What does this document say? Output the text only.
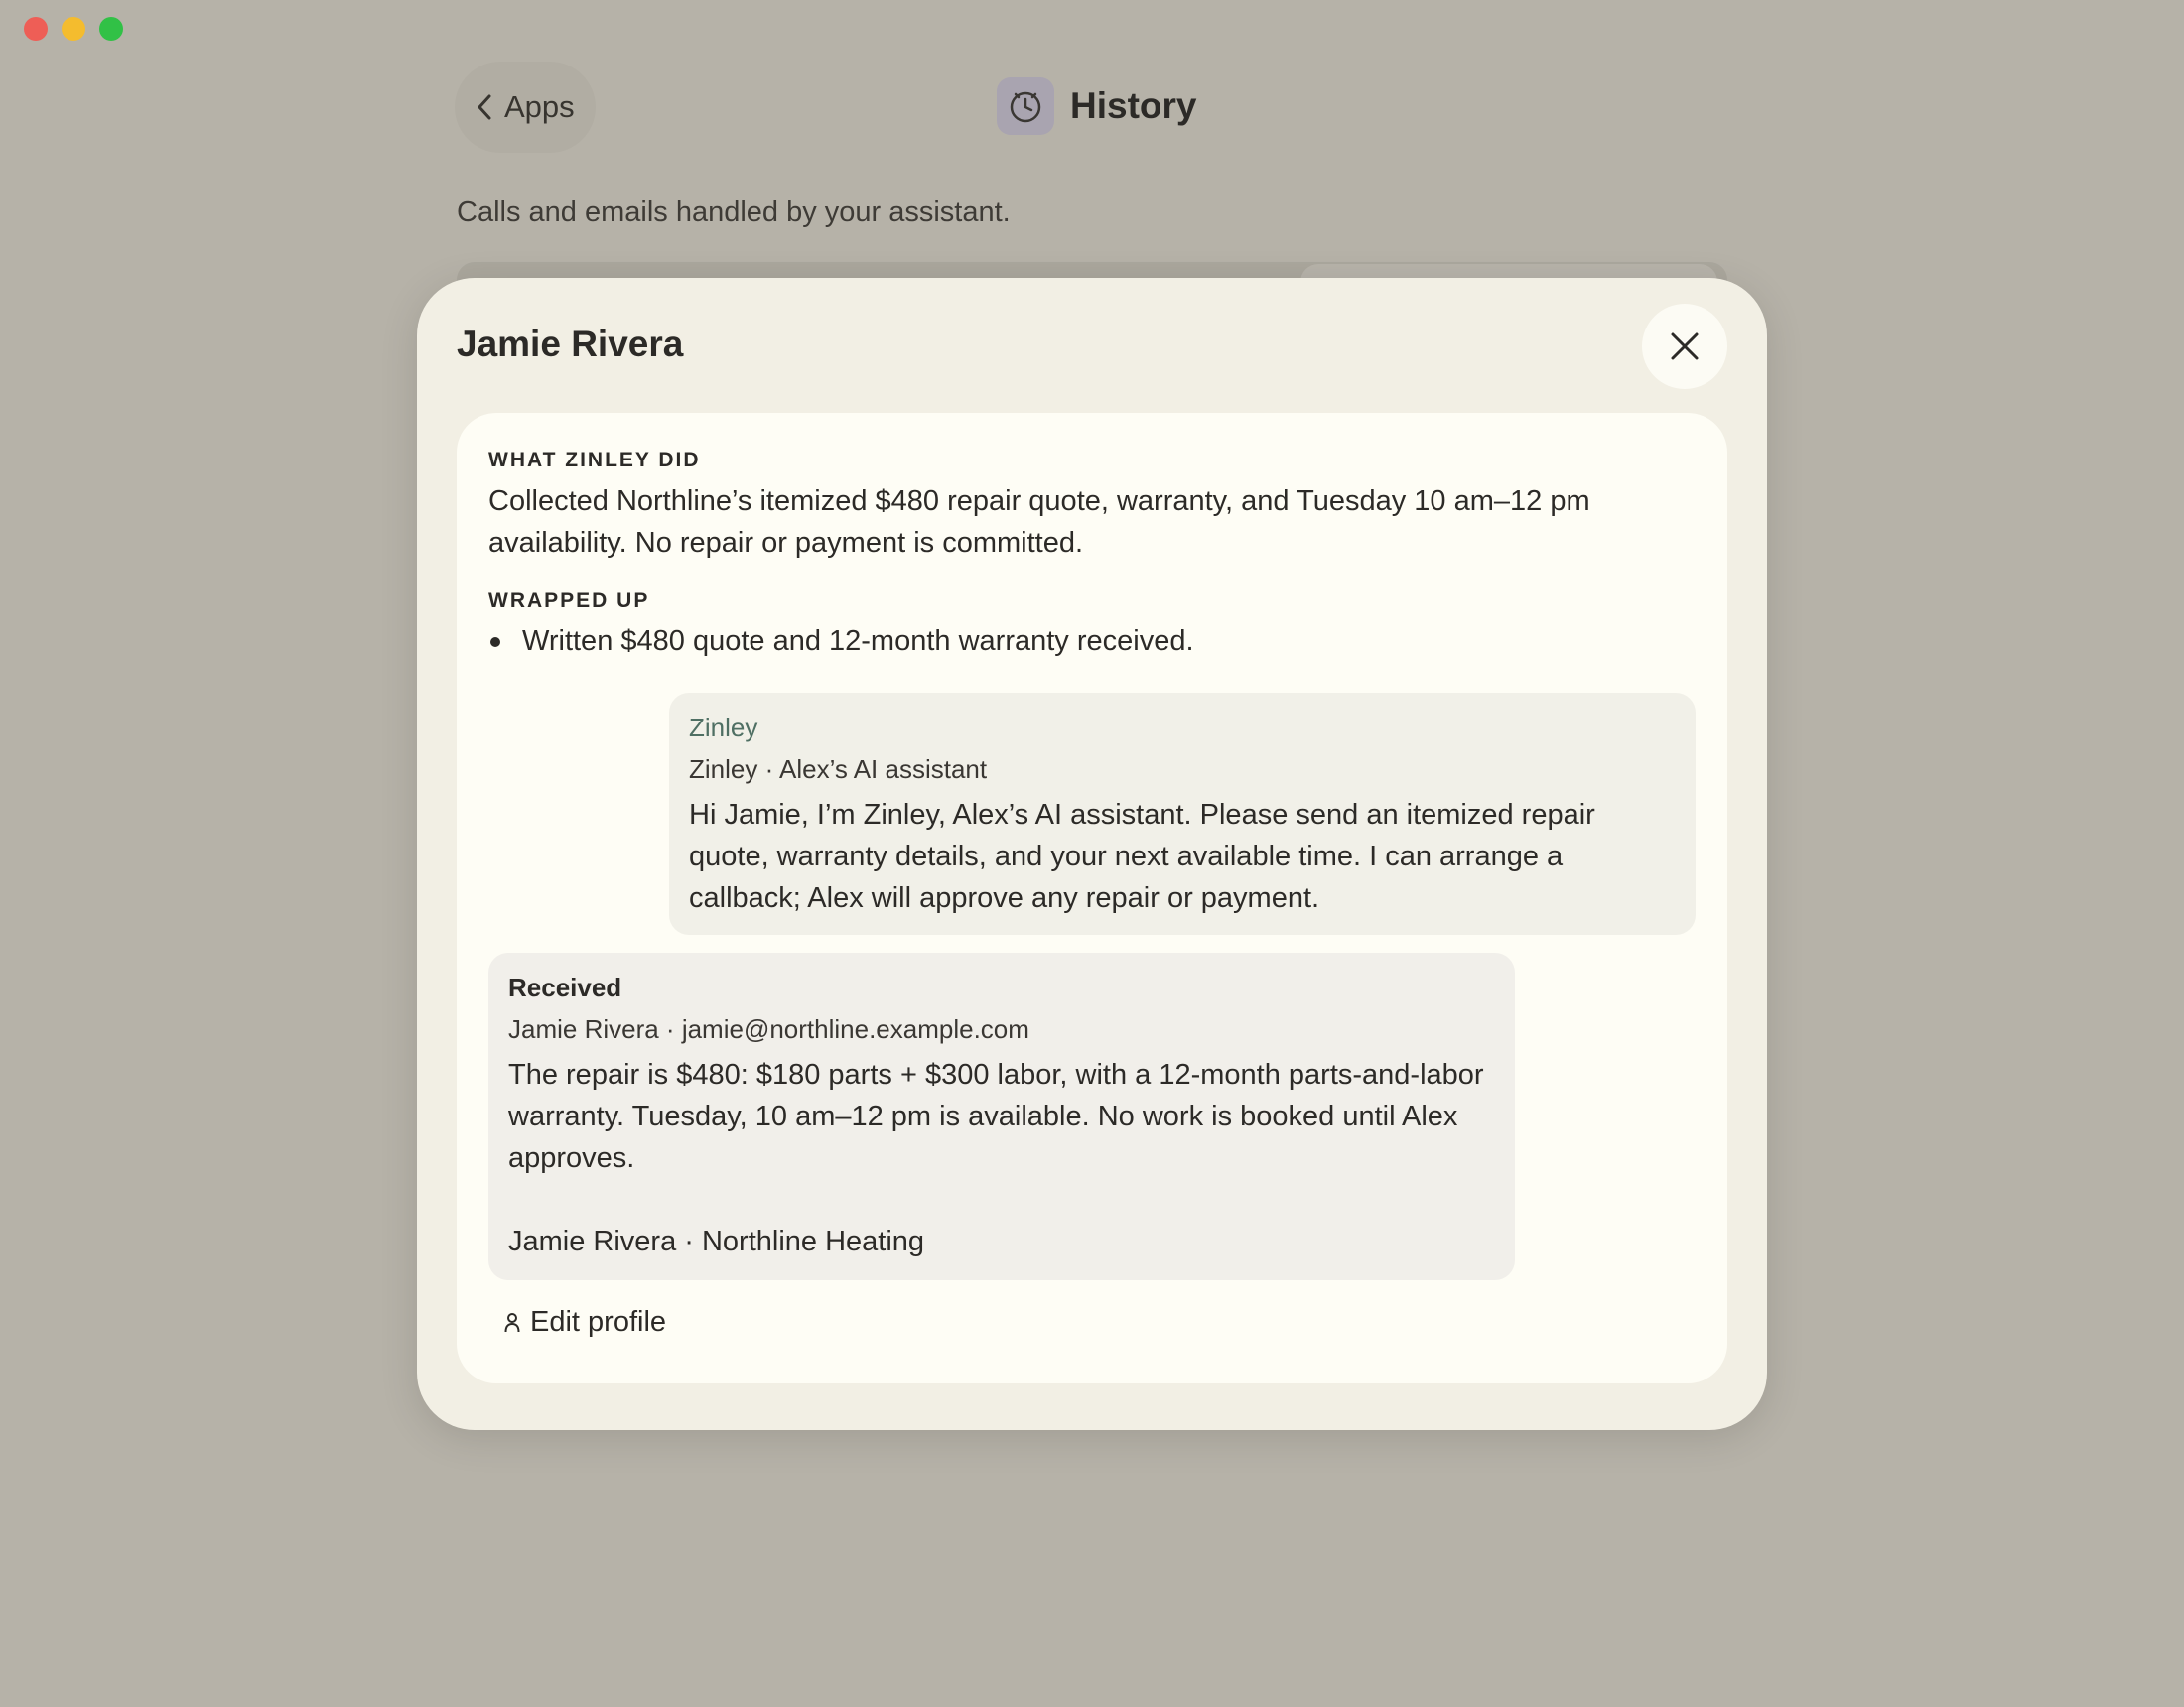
Apps	History
Calls and emails handled by your assistant.
Jamie Rivera
WHAT ZINLEY DID
Collected Northline’s itemized $480 repair quote, warranty, and Tuesday 10 am–12 pm availability. No repair or payment is committed.
WRAPPED UP
Written $480 quote and 12-month warranty received.
Zinley
Zinley · Alex’s AI assistant
Hi Jamie, I’m Zinley, Alex’s AI assistant. Please send an itemized repair quote, warranty details, and your next available time. I can arrange a callback; Alex will approve any repair or payment.
Received
Jamie Rivera · jamie@northline.example.com
The repair is $480: $180 parts + $300 labor, with a 12-month parts-and-labor warranty. Tuesday, 10 am–12 pm is available. No work is booked until Alex approves.

Jamie Rivera · Northline Heating
Edit profile
